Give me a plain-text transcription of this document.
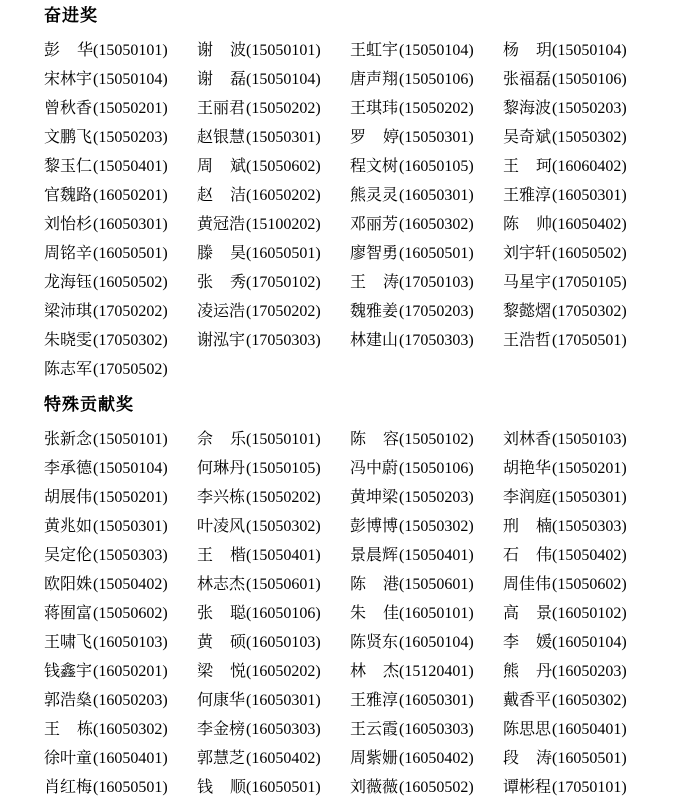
奋进奖
彭 华 (15050101) 谢 波 (15050101) 王虹宇 (15050104) 杨 玥 (15050104)
宋林宇 (15050104) 谢 磊 (15050104) 唐声翔 (15050106) 张福磊 (15050106)
曾秋香 (15050201) 王丽君 (15050202) 王琪玮 (15050202) 黎海波 (15050203)
文鹏飞 (15050203) 赵银慧 (15050301) 罗 婷 (15050301) 吴奇斌 (15050302)
黎玉仁 (15050401) 周 斌 (15050602) 程文树 (16050105) 王 珂 (16060402)
官魏路 (16050201) 赵 洁 (16050202) 熊灵灵 (16050301) 王雅淳 (16050301)
刘怡杉 (16050301) 黄冠浩 (15100202) 邓丽芳 (16050302) 陈 帅 (16050402)
周铭辛 (16050501) 滕 昊 (16050501) 廖智勇 (16050501) 刘宇轩 (16050502)
龙海钰 (16050502) 张 秀 (17050102) 王 涛 (17050103) 马星宇 (17050105)
梁沛琪 (17050202) 凌运浩 (17050202) 魏雅姜 (17050203) 黎懿熠 (17050302)
朱晓雯 (17050302) 谢泓宇 (17050303) 林建山 (17050303) 王浩哲 (17050501)
陈志军 (17050502)
特殊贡献奖
张新念 (15050101) 佘 乐 (15050101) 陈 容 (15050102) 刘林香 (15050103)
李承德 (15050104) 何琳丹 (15050105) 冯中蔚 (15050106) 胡艳华 (15050201)
胡展伟 (15050201) 李兴栋 (15050202) 黄坤梁 (15050203) 李润庭 (15050301)
黄兆如 (15050301) 叶凌风 (15050302) 彭博博 (15050302) 刑 楠 (15050303)
吴定伦 (15050303) 王 楷 (15050401) 景晨辉 (15050401) 石 伟 (15050402)
欧阳姝 (15050402) 林志杰 (15050601) 陈 港 (15050601) 周佳伟 (15050602)
蒋囿富 (15050602) 张 聪 (16050106) 朱 佳 (16050101) 高 景 (16050102)
王啸飞 (16050103) 黄 硕 (16050103) 陈贤东 (16050104) 李 媛 (16050104)
钱鑫宇 (16050201) 梁 悦 (16050202) 林 杰 (15120401) 熊 丹 (16050203)
郭浩燊 (16050203) 何康华 (16050301) 王雅淳 (16050301) 戴香平 (16050302)
王 栋 (16050302) 李金榜 (16050303) 王云霞 (16050303) 陈思思 (16050401)
徐叶童 (16050401) 郭慧芝 (16050402) 周紫姗 (16050402) 段 涛 (16050501)
肖红梅 (16050501) 钱 顺 (16050501) 刘薇薇 (16050502) 谭彬程 (17050101)
